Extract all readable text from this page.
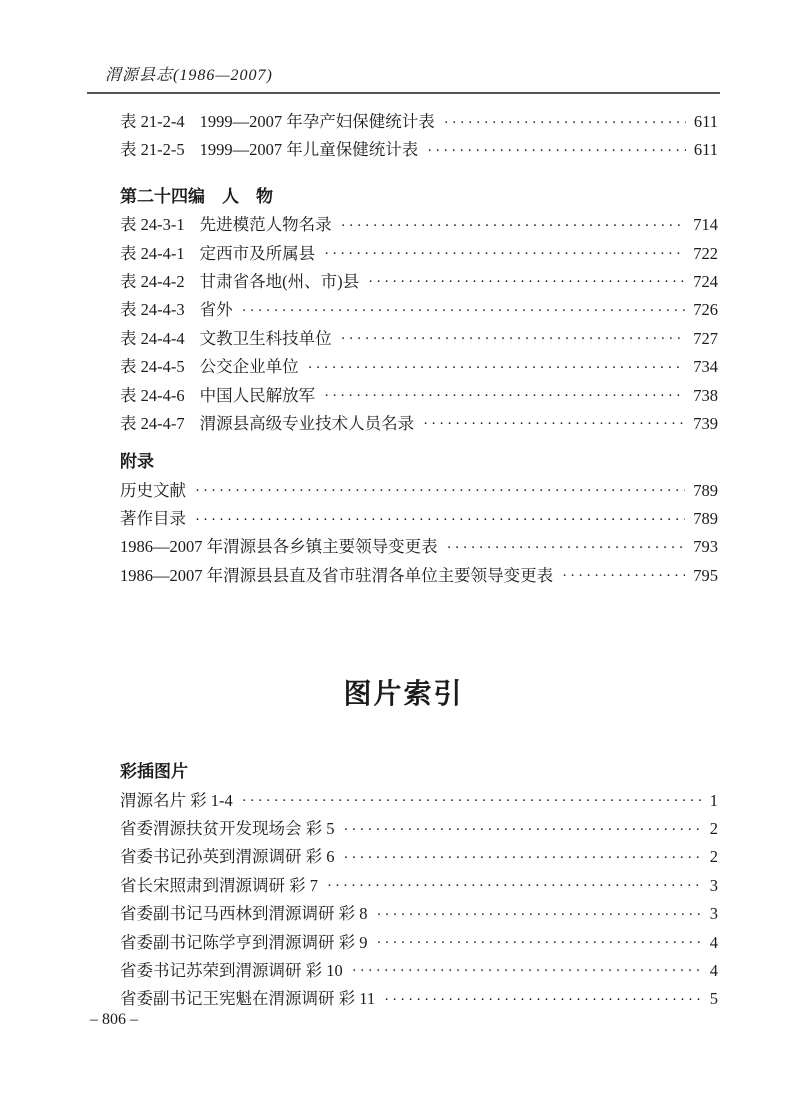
渭源县志(1986—2007)
表 21-2-4 1999—2007 年孕产妇保健统计表 ·····	611
表 21-2-5 1999—2007 年儿童保健统计表 ·····	611
第二十四编　人　物
表 24-3-1 先进模范人物名录 ·····	714
表 24-4-1 定西市及所属县 ·····	722
表 24-4-2 甘肃省各地(州、市)县 ·····	724
表 24-4-3 省外 ·····	726
表 24-4-4 文教卫生科技单位 ·····	727
表 24-4-5 公交企业单位 ·····	734
表 24-4-6 中国人民解放军 ·····	738
表 24-4-7 渭源县高级专业技术人员名录 ·····	739
附录
历史文献 ·····	789
著作目录 ·····	789
1986—2007 年渭源县各乡镇主要领导变更表 ·····	793
1986—2007 年渭源县县直及省市驻渭各单位主要领导变更表 ·····	795
图片索引
彩插图片
渭源名片 彩 1-4 ·····	1
省委渭源扶贫开发现场会 彩 5 ·····	2
省委书记孙英到渭源调研 彩 6 ·····	2
省长宋照肃到渭源调研 彩 7 ·····	3
省委副书记马西林到渭源调研 彩 8 ·····	3
省委副书记陈学亨到渭源调研 彩 9 ·····	4
省委书记苏荣到渭源调研 彩 10 ·····	4
省委副书记王宪魁在渭源调研 彩 11 ·····	5
– 806 –
